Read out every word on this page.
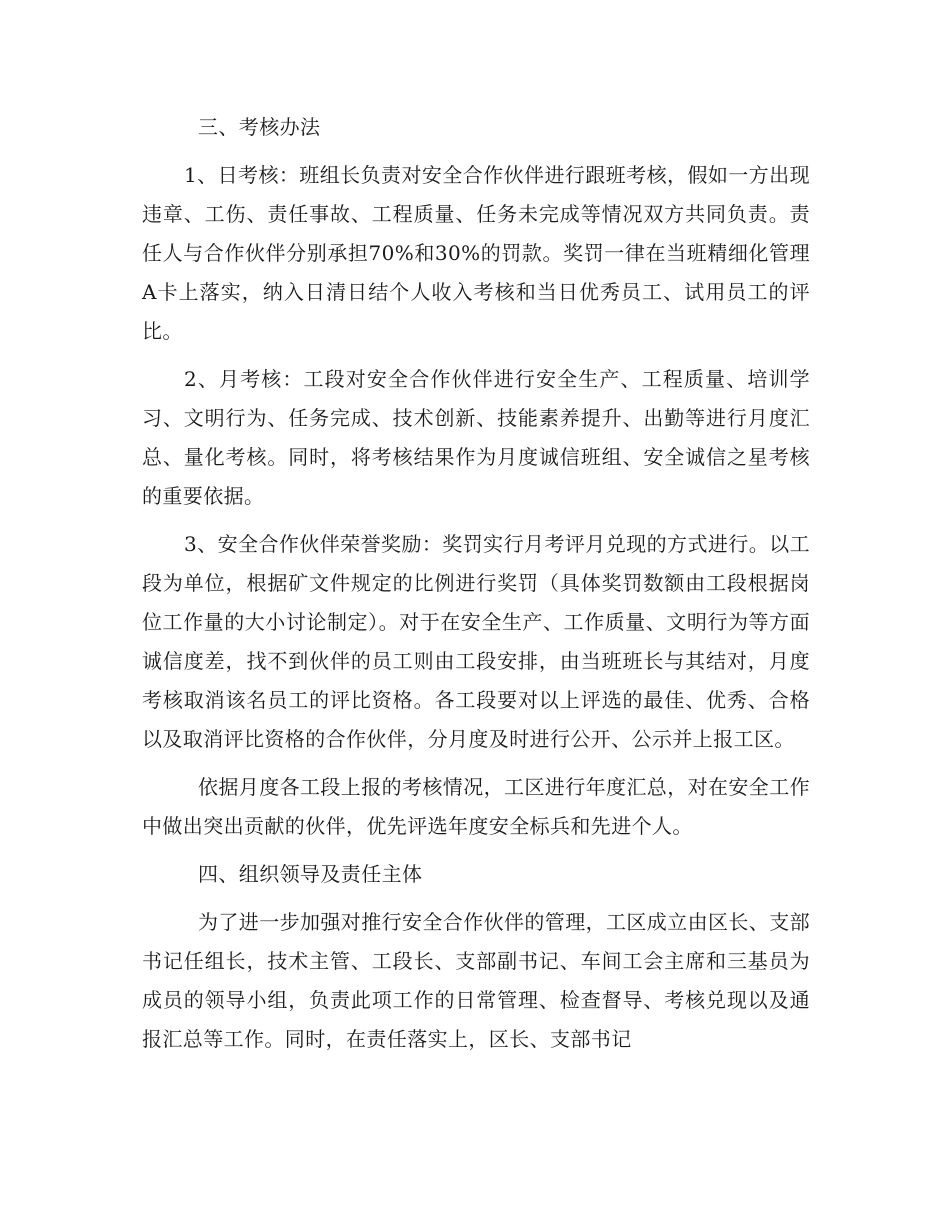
三、考核办法

1、日考核：班组长负责对安全合作伙伴进行跟班考核，假如一方出现违章、工伤、责任事故、工程质量、任务未完成等情况双方共同负责。责任人与合作伙伴分别承担70%和30%的罚款。奖罚一律在当班精细化管理A卡上落实，纳入日清日结个人收入考核和当日优秀员工、试用员工的评比。

2、月考核：工段对安全合作伙伴进行安全生产、工程质量、培训学习、文明行为、任务完成、技术创新、技能素养提升、出勤等进行月度汇总、量化考核。同时，将考核结果作为月度诚信班组、安全诚信之星考核的重要依据。

3、安全合作伙伴荣誉奖励：奖罚实行月考评月兑现的方式进行。以工段为单位，根据矿文件规定的比例进行奖罚（具体奖罚数额由工段根据岗位工作量的大小讨论制定）。对于在安全生产、工作质量、文明行为等方面诚信度差，找不到伙伴的员工则由工段安排，由当班班长与其结对，月度考核取消该名员工的评比资格。各工段要对以上评选的最佳、优秀、合格以及取消评比资格的合作伙伴，分月度及时进行公开、公示并上报工区。

依据月度各工段上报的考核情况，工区进行年度汇总，对在安全工作中做出突出贡献的伙伴，优先评选年度安全标兵和先进个人。

四、组织领导及责任主体

为了进一步加强对推行安全合作伙伴的管理，工区成立由区长、支部书记任组长，技术主管、工段长、支部副书记、车间工会主席和三基员为成员的领导小组，负责此项工作的日常管理、检查督导、考核兑现以及通报汇总等工作。同时，在责任落实上，区长、支部书记
